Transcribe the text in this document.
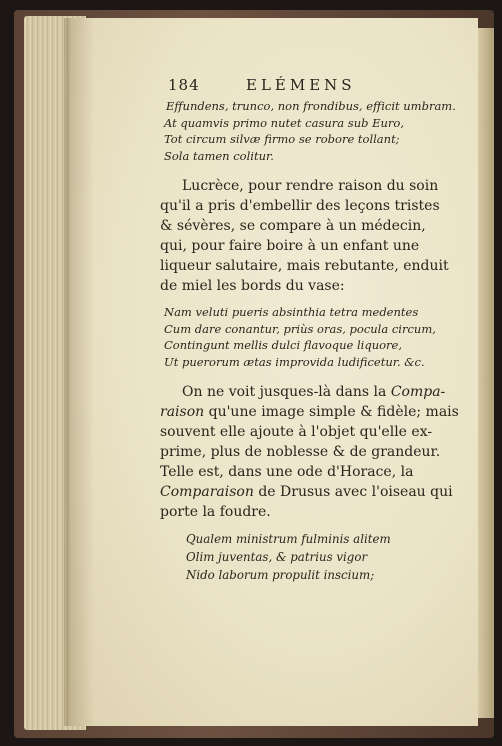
184	ELÉMENS
Effundens, trunco, non frondibus, efficit umbram.
At quamvis primo nutet casura sub Euro,
Tot circum silvæ firmo se robore tollant;
Sola tamen colitur.
Lucrèce, pour rendre raison du soin
qu'il a pris d'embellir des leçons tristes
& sévères, se compare à un médecin,
qui, pour faire boire à un enfant une
liqueur salutaire, mais rebutante, enduit
de miel les bords du vase:
Nam veluti pueris absinthia tetra medentes
Cum dare conantur, priùs oras, pocula circum,
Contingunt mellis dulci flavoque liquore,
Ut puerorum ætas improvida ludificetur. &c.
On ne voit jusques-là dans la Compa-
raison qu'une image simple & fidèle; mais
souvent elle ajoute à l'objet qu'elle ex-
prime, plus de noblesse & de grandeur.
Telle est, dans une ode d'Horace, la
Comparaison de Drusus avec l'oiseau qui
porte la foudre.
Qualem ministrum fulminis alitem
Olim juventas, & patrius vigor
Nido laborum propulit inscium;
